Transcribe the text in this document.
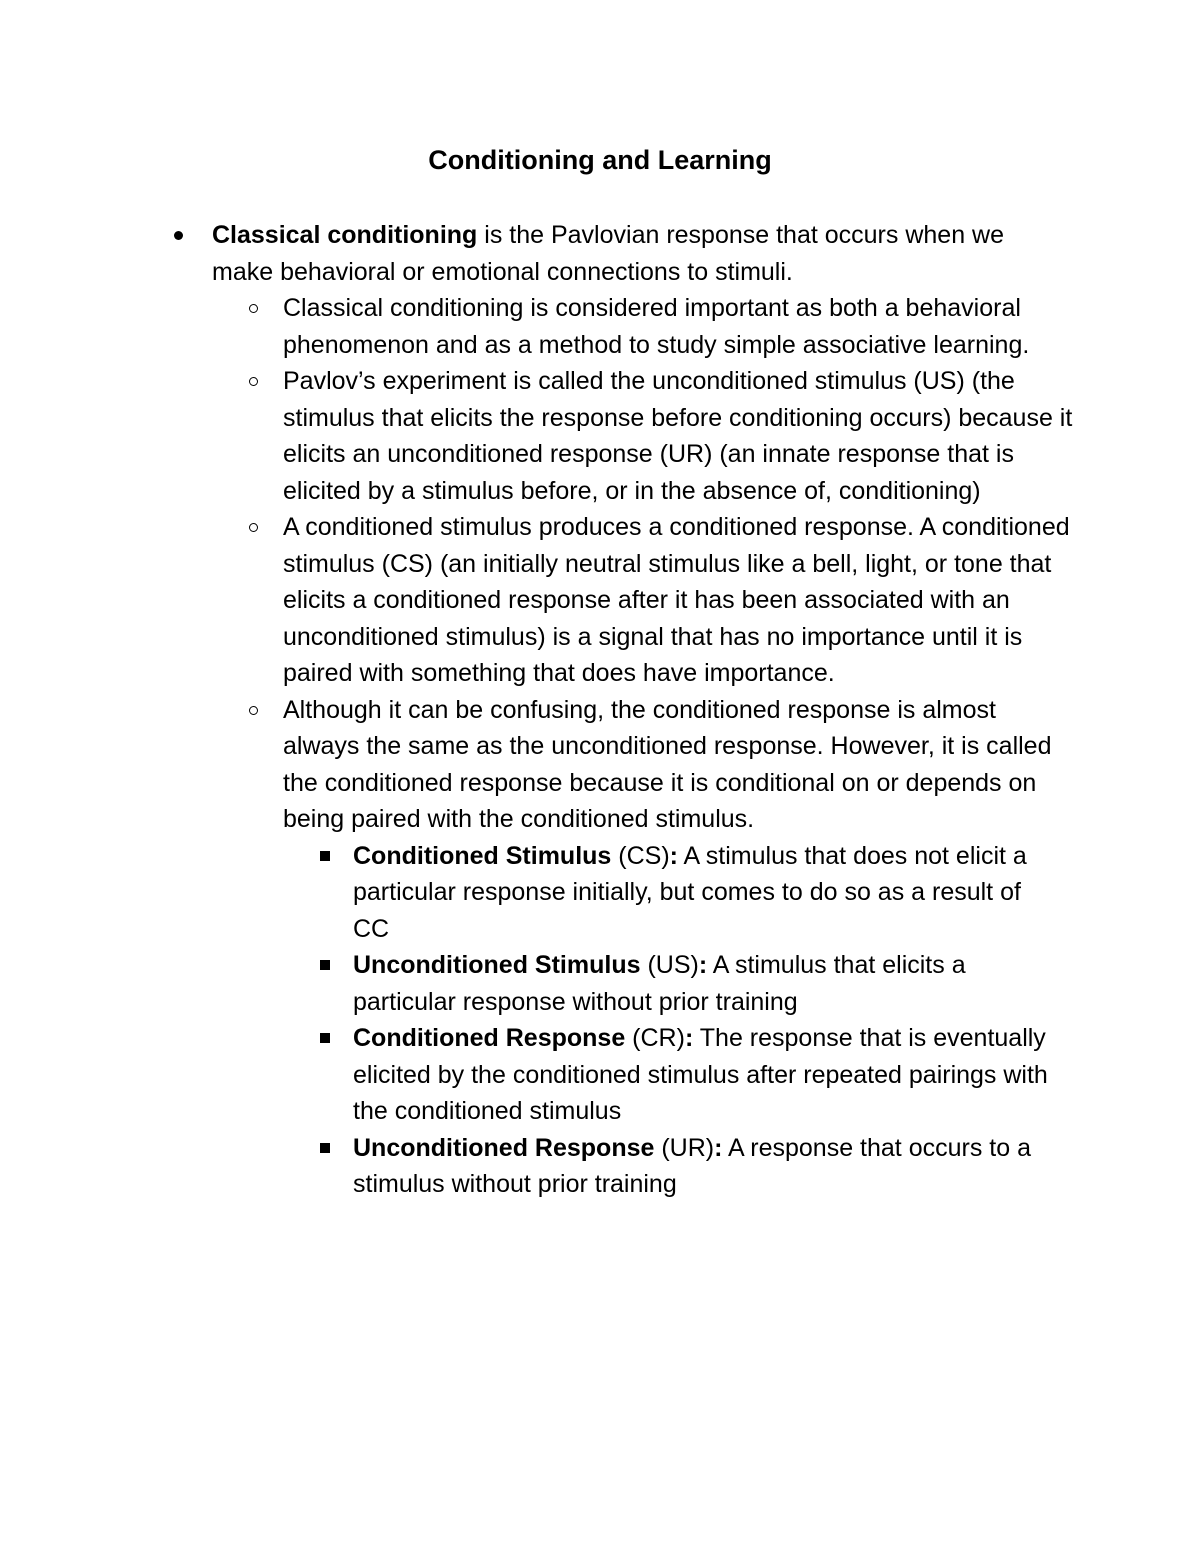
Conditioning and Learning
Classical conditioning is the Pavlovian response that occurs when we make behavioral or emotional connections to stimuli.
Classical conditioning is considered important as both a behavioral phenomenon and as a method to study simple associative learning.
Pavlov’s experiment is called the unconditioned stimulus (US) (the stimulus that elicits the response before conditioning occurs) because it elicits an unconditioned response (UR) (an innate response that is elicited by a stimulus before, or in the absence of, conditioning)
A conditioned stimulus produces a conditioned response. A conditioned stimulus (CS) (an initially neutral stimulus like a bell, light, or tone that elicits a conditioned response after it has been associated with an unconditioned stimulus) is a signal that has no importance until it is paired with something that does have importance.
Although it can be confusing, the conditioned response is almost always the same as the unconditioned response. However, it is called the conditioned response because it is conditional on or depends on being paired with the conditioned stimulus.
Conditioned Stimulus (CS): A stimulus that does not elicit a particular response initially, but comes to do so as a result of CC
Unconditioned Stimulus (US): A stimulus that elicits a particular response without prior training
Conditioned Response (CR): The response that is eventually elicited by the conditioned stimulus after repeated pairings with the conditioned stimulus
Unconditioned Response (UR): A response that occurs to a stimulus without prior training
